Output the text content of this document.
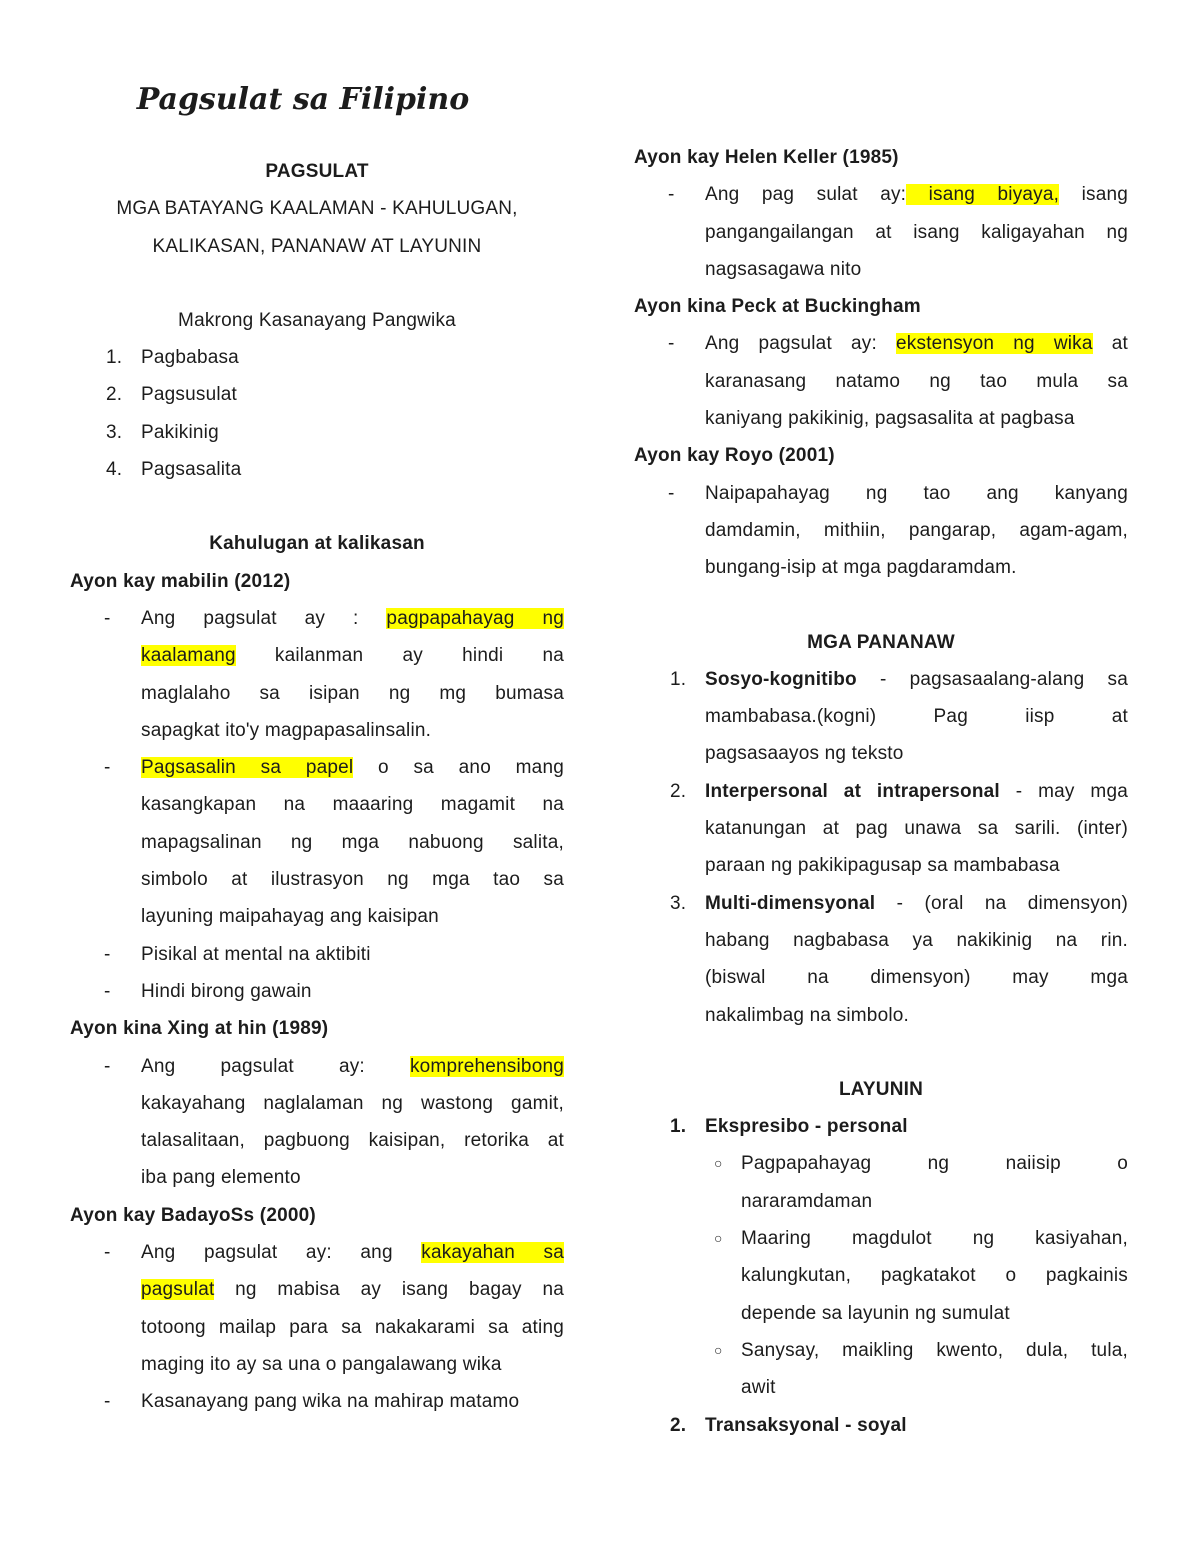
Pagsulat sa Filipino
PAGSULAT
MGA BATAYANG KAALAMAN - KAHULUGAN,
KALIKASAN, PANANAW AT LAYUNIN
Makrong Kasanayang Pangwika
1. Pagbabasa
2. Pagsusulat
3. Pakikinig
4. Pagsasalita
Kahulugan at kalikasan
Ayon kay mabilin (2012)
-	Ang pagsulat ay : pagpapahayag ng
kaalamang kailanman ay hindi na
maglalaho sa isipan ng mg bumasa
sapagkat ito'y magpapasalinsalin.
-	Pagsasalin sa papel o sa ano mang
kasangkapan na maaaring magamit na
mapagsalinan ng mga nabuong salita,
simbolo at ilustrasyon ng mga tao sa
layuning maipahayag ang kaisipan
-	Pisikal at mental na aktibiti
-	Hindi birong gawain
Ayon kina Xing at hin (1989)
-	Ang pagsulat ay: komprehensibong
kakayahang naglalaman ng wastong gamit,
talasalitaan, pagbuong kaisipan, retorika at
iba pang elemento
Ayon kay BadayoSs (2000)
-	Ang pagsulat ay: ang kakayahan sa
pagsulat ng mabisa ay isang bagay na
totoong mailap para sa nakakarami sa ating
maging ito ay sa una o pangalawang wika
-	Kasanayang pang wika na mahirap matamo
Ayon kay Helen Keller (1985)
-	Ang pag sulat ay: isang biyaya, isang
pangangailangan at isang kaligayahan ng
nagsasagawa nito
Ayon kina Peck at Buckingham
-	Ang pagsulat ay: ekstensyon ng wika at
karanasang natamo ng tao mula sa
kaniyang pakikinig, pagsasalita at pagbasa
Ayon kay Royo (2001)
-	Naipapahayag ng tao ang kanyang
damdamin, mithiin, pangarap, agam-agam,
bungang-isip at mga pagdaramdam.
MGA PANANAW
1. Sosyo-kognitibo - pagsasaalang-alang sa
mambabasa.(kogni) Pag iisp at
pagsasaayos ng teksto
2. Interpersonal at intrapersonal - may mga
katanungan at pag unawa sa sarili. (inter)
paraan ng pakikipagusap sa mambabasa
3. Multi-dimensyonal - (oral na dimensyon)
habang nagbabasa ya nakikinig na rin.
(biswal na dimensyon) may mga
nakalimbag na simbolo.
LAYUNIN
1. Ekspresibo - personal
○ Pagpapahayag ng naiisip o
nararamdaman
○ Maaring magdulot ng kasiyahan,
kalungkutan, pagkatakot o pagkainis
depende sa layunin ng sumulat
○ Sanysay, maikling kwento, dula, tula,
awit
2. Transaksyonal - soyal
